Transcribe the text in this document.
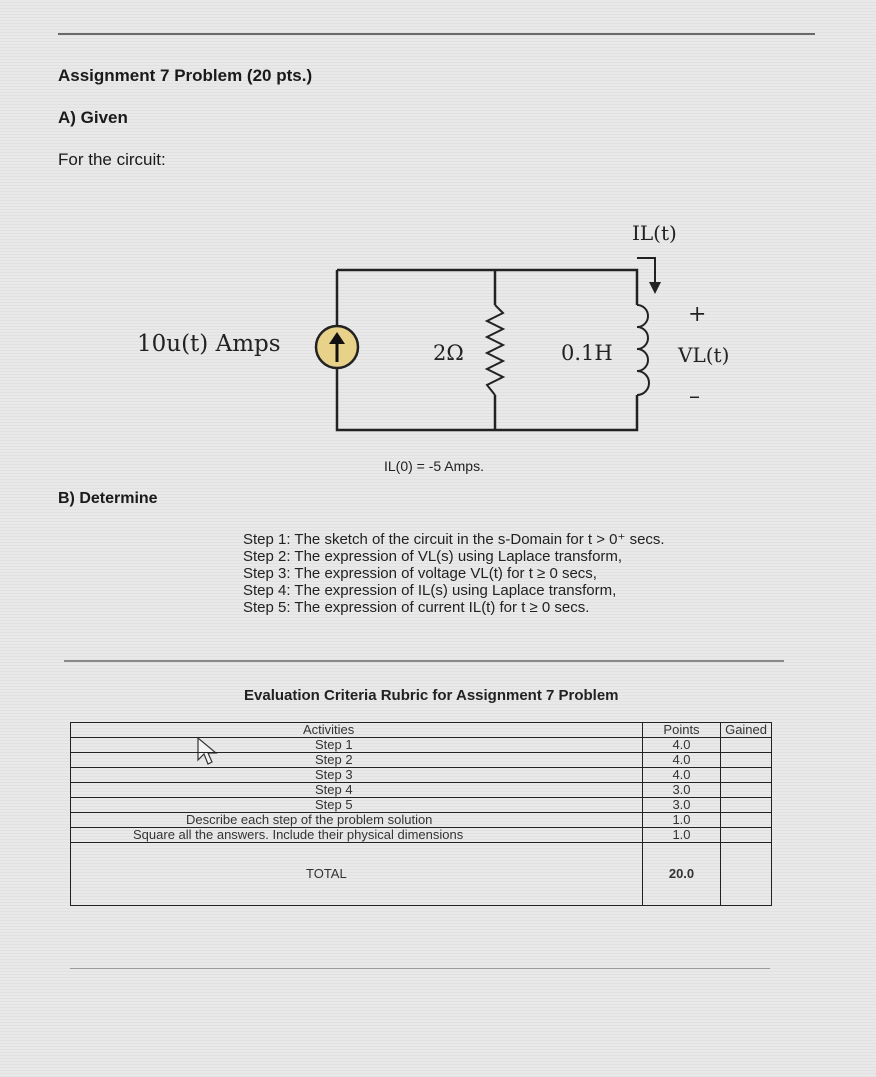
Assignment 7 Problem (20 pts.)
A) Given
For the circuit:
10u(t) Amps	2Ω	0.1H
IL(t)
+
VL(t)
–
IL(0) = -5 Amps.
B) Determine
Step 1: The sketch of the circuit in the s-Domain for t > 0⁺ secs.
Step 2: The expression of VL(s) using Laplace transform,
Step 3: The expression of voltage VL(t) for t ≥ 0 secs,
Step 4: The expression of IL(s) using Laplace transform,
Step 5: The expression of current IL(t) for t ≥ 0 secs.
Evaluation Criteria Rubric for Assignment 7 Problem
Activities	Points	Gained
Step 1	4.0	
Step 2	4.0	
Step 3	4.0	
Step 4	3.0	
Step 5	3.0	
Describe each step of the problem solution	1.0	
Square all the answers. Include their physical dimensions	1.0	
TOTAL	20.0	
